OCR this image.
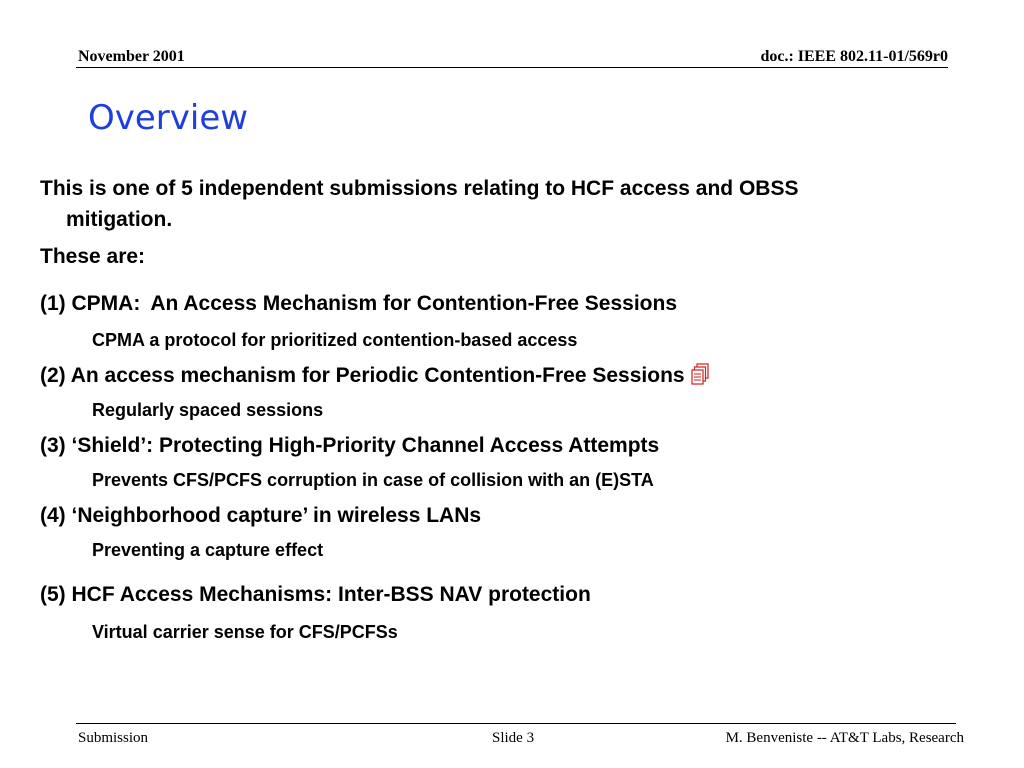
November 2001	doc.: IEEE 802.11-01/569r0
Overview
This is one of 5 independent submissions relating to HCF access and OBSS
mitigation.
These are:
(1) CPMA: An Access Mechanism for Contention-Free Sessions
CPMA a protocol for prioritized contention-based access
(2) An access mechanism for Periodic Contention-Free Sessions
Regularly spaced sessions
(3) ‘Shield’: Protecting High-Priority Channel Access Attempts
Prevents CFS/PCFS corruption in case of collision with an (E)STA
(4) ‘Neighborhood capture’ in wireless LANs
Preventing a capture effect
(5) HCF Access Mechanisms: Inter-BSS NAV protection
Virtual carrier sense for CFS/PCFSs
Submission	Slide 3	M. Benveniste -- AT&T Labs, Research
